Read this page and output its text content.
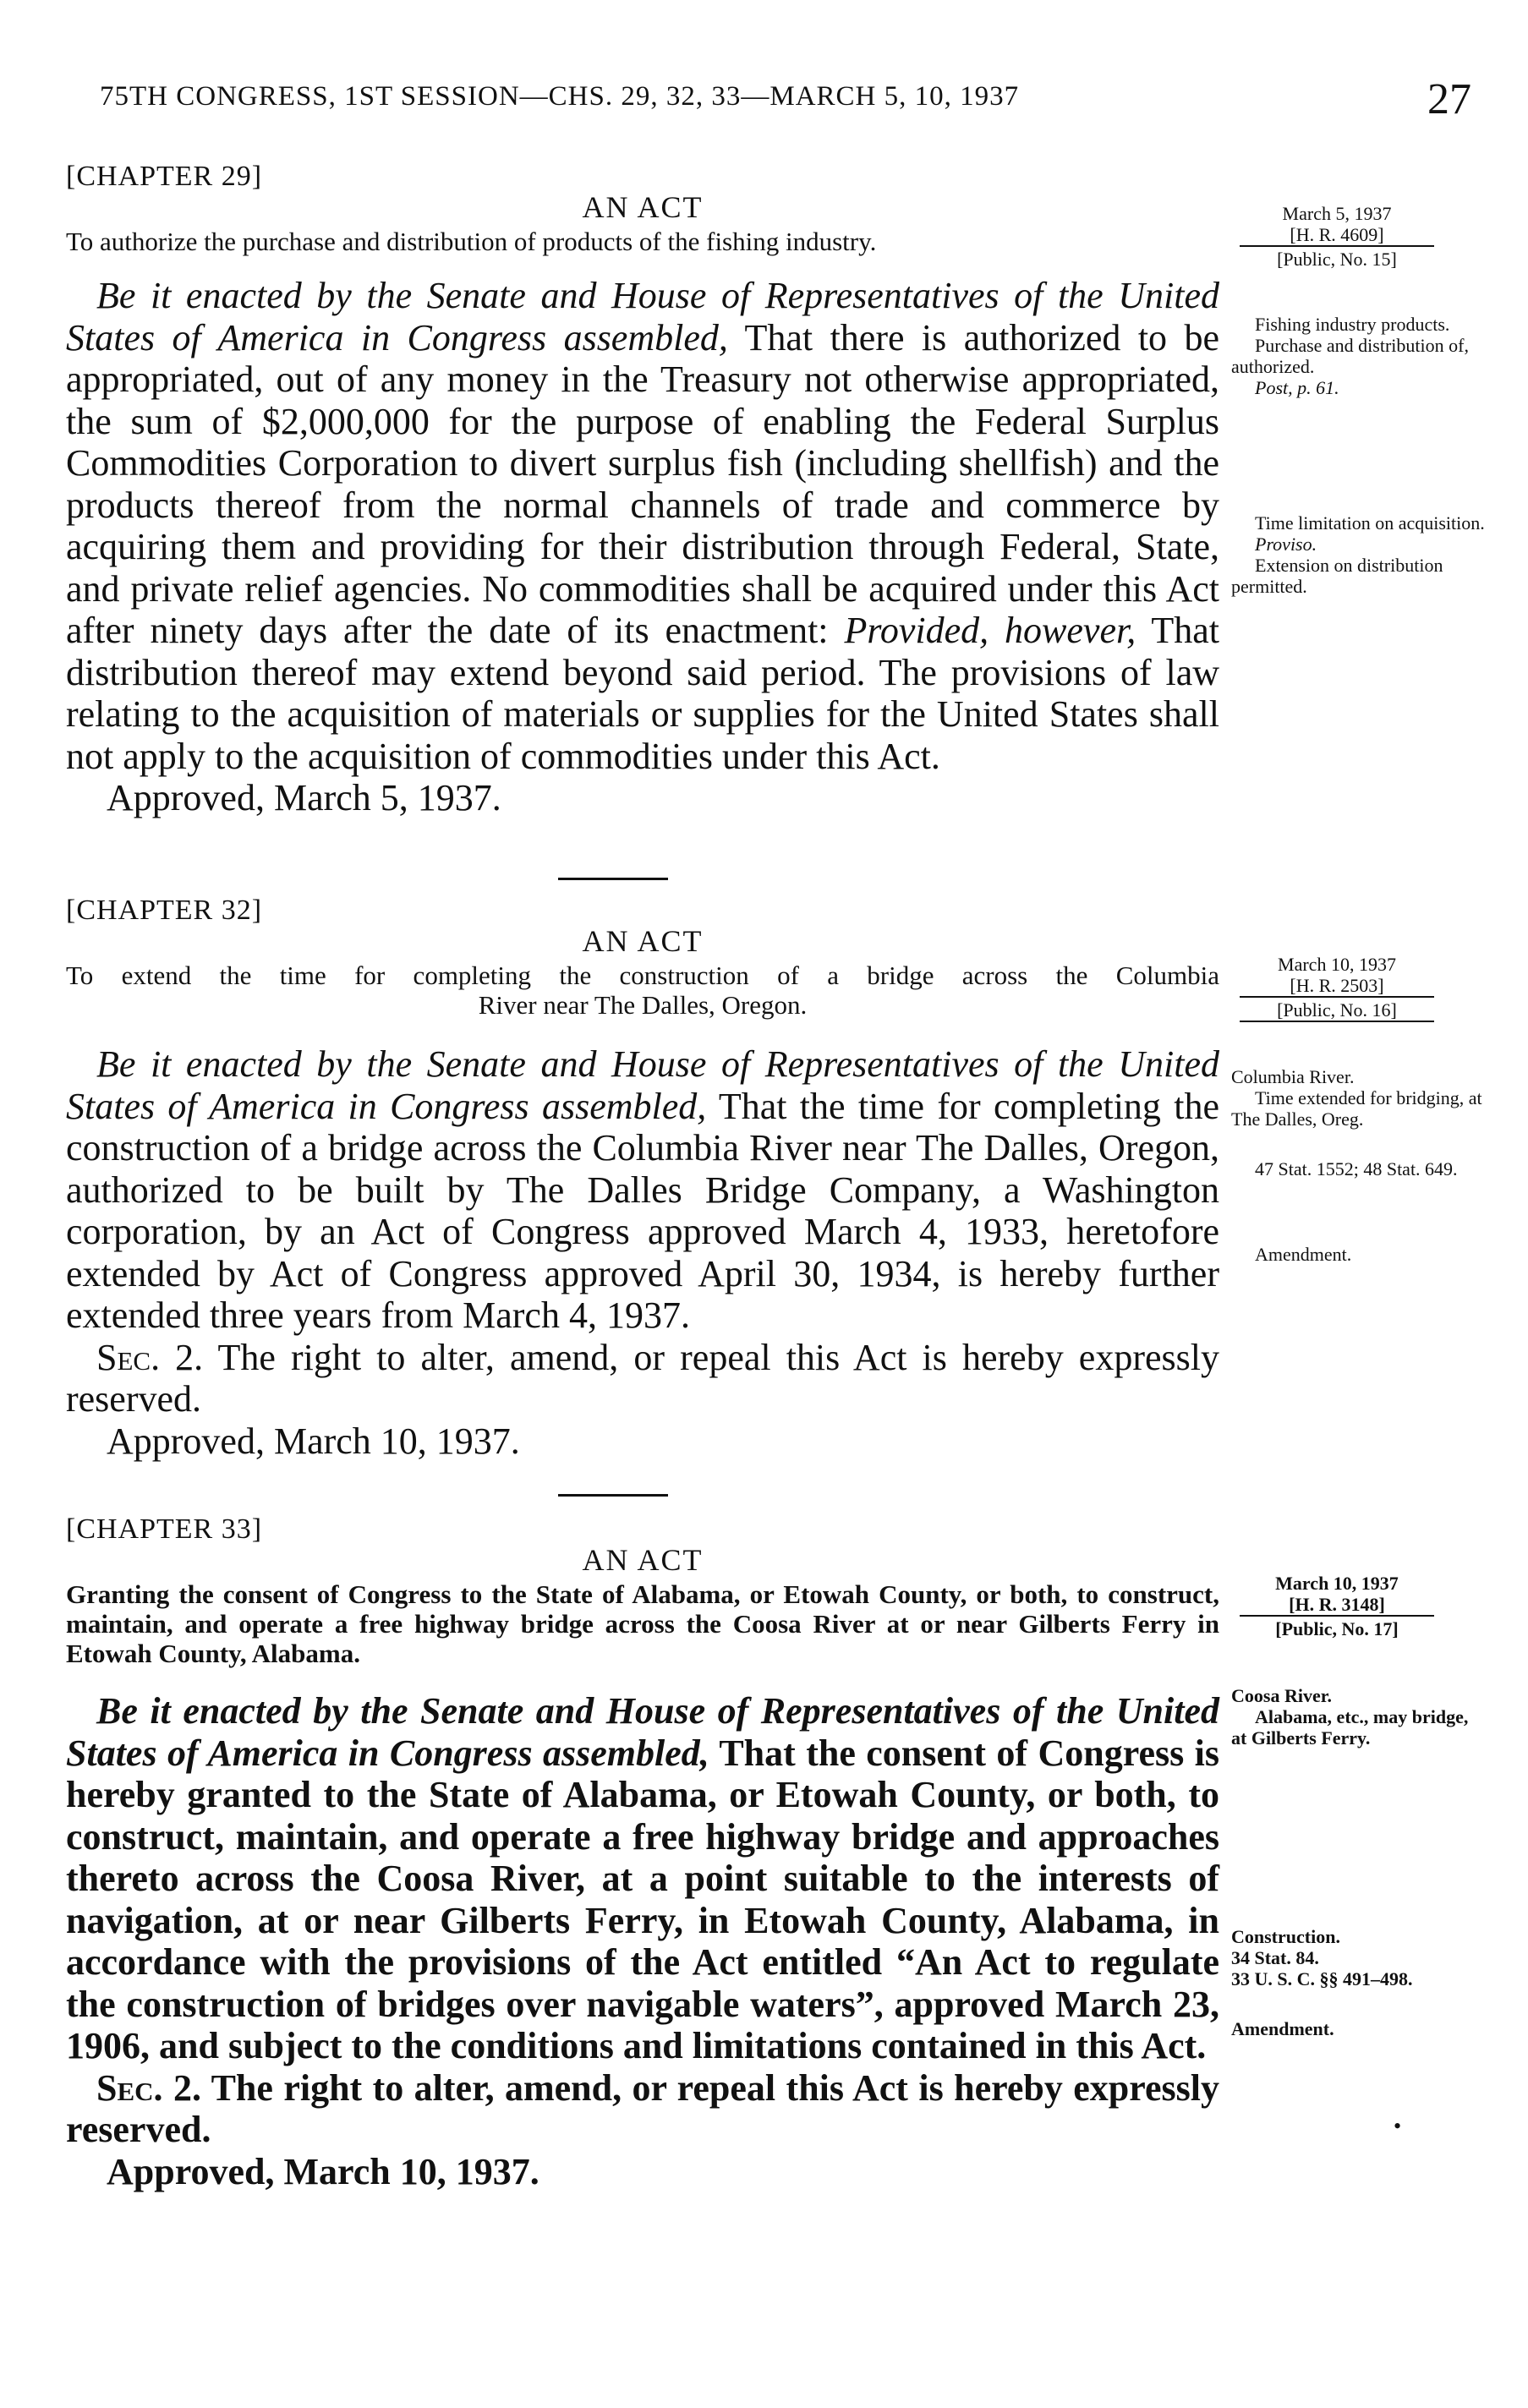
75TH CONGRESS, 1ST SESSION—CHS. 29, 32, 33—MARCH 5, 10, 1937	27

[CHAPTER 29]

AN ACT

To authorize the purchase and distribution of products of the fishing industry.

Be it enacted by the Senate and House of Representatives of the United States of America in Congress assembled, That there is authorized to be appropriated, out of any money in the Treasury not otherwise appropriated, the sum of $2,000,000 for the purpose of enabling the Federal Surplus Commodities Corporation to divert surplus fish (including shellfish) and the products thereof from the normal channels of trade and commerce by acquiring them and providing for their distribution through Federal, State, and private relief agencies. No commodities shall be acquired under this Act after ninety days after the date of its enactment: Provided, however, That distribution thereof may extend beyond said period. The provisions of law relating to the acquisition of materials or supplies for the United States shall not apply to the acquisition of commodities under this Act.

Approved, March 5, 1937.

March 5, 1937
[H. R. 4609]
[Public, No. 15]

Fishing industry products.

Purchase and distribution of, authorized.

Post, p. 61.

Time limitation on acquisition.

Proviso.

Extension on distribution permitted.

[CHAPTER 32]

AN ACT

To extend the time for completing the construction of a bridge across the Columbia
River near The Dalles, Oregon.

Be it enacted by the Senate and House of Representatives of the United States of America in Congress assembled, That the time for completing the construction of a bridge across the Columbia River near The Dalles, Oregon, authorized to be built by The Dalles Bridge Company, a Washington corporation, by an Act of Congress approved March 4, 1933, heretofore extended by Act of Congress approved April 30, 1934, is hereby further extended three years from March 4, 1937.

Sec. 2. The right to alter, amend, or repeal this Act is hereby expressly reserved.

Approved, March 10, 1937.

March 10, 1937
[H. R. 2503]
[Public, No. 16]

Columbia River.

Time extended for bridging, at The Dalles, Oreg.

47 Stat. 1552; 48 Stat. 649.

Amendment.

[CHAPTER 33]

AN ACT

Granting the consent of Congress to the State of Alabama, or Etowah County, or both, to construct, maintain, and operate a free highway bridge across the Coosa River at or near Gilberts Ferry in Etowah County, Alabama.

Be it enacted by the Senate and House of Representatives of the United States of America in Congress assembled, That the consent of Congress is hereby granted to the State of Alabama, or Etowah County, or both, to construct, maintain, and operate a free highway bridge and approaches thereto across the Coosa River, at a point suitable to the interests of navigation, at or near Gilberts Ferry, in Etowah County, Alabama, in accordance with the provisions of the Act entitled “An Act to regulate the construction of bridges over navigable waters”, approved March 23, 1906, and subject to the conditions and limitations contained in this Act.

Sec. 2. The right to alter, amend, or repeal this Act is hereby expressly reserved.

Approved, March 10, 1937.

March 10, 1937
[H. R. 3148]
[Public, No. 17]

Coosa River.

Alabama, etc., may bridge, at Gilberts Ferry.

Construction.

34 Stat. 84.

33 U. S. C. §§ 491–498.

Amendment.

•
